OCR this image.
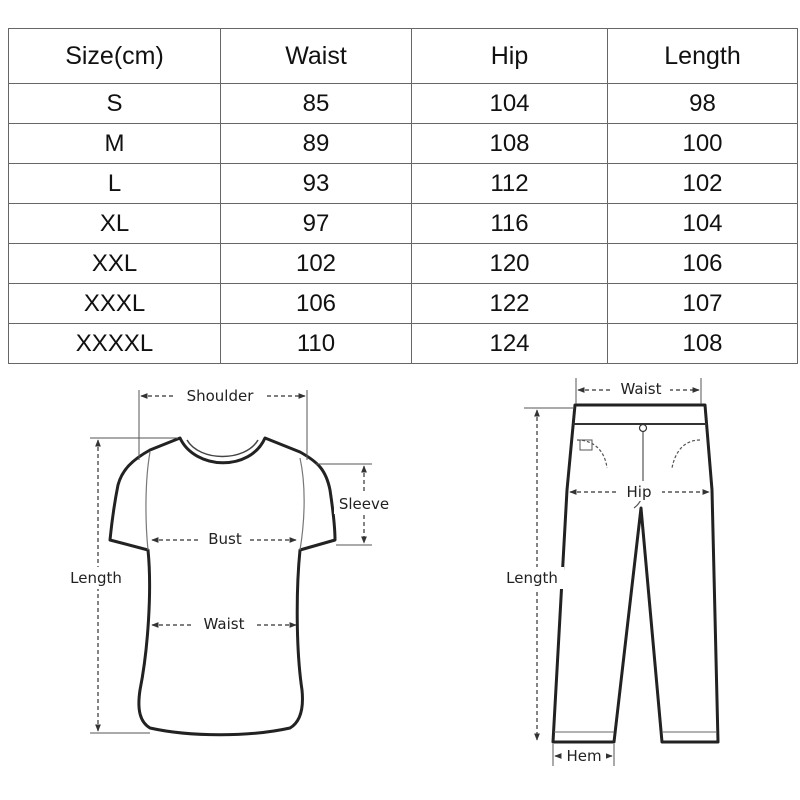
Size(cm)	Waist	Hip	Length
S	85	104	98
M	89	108	100
L	93	112	102
XL	97	116	104
XXL	102	120	106
XXXL	106	122	107
XXXXL	110	124	108
Shoulder
Sleeve
Bust
Waist
Length
Waist
Hip
Length
Hem
